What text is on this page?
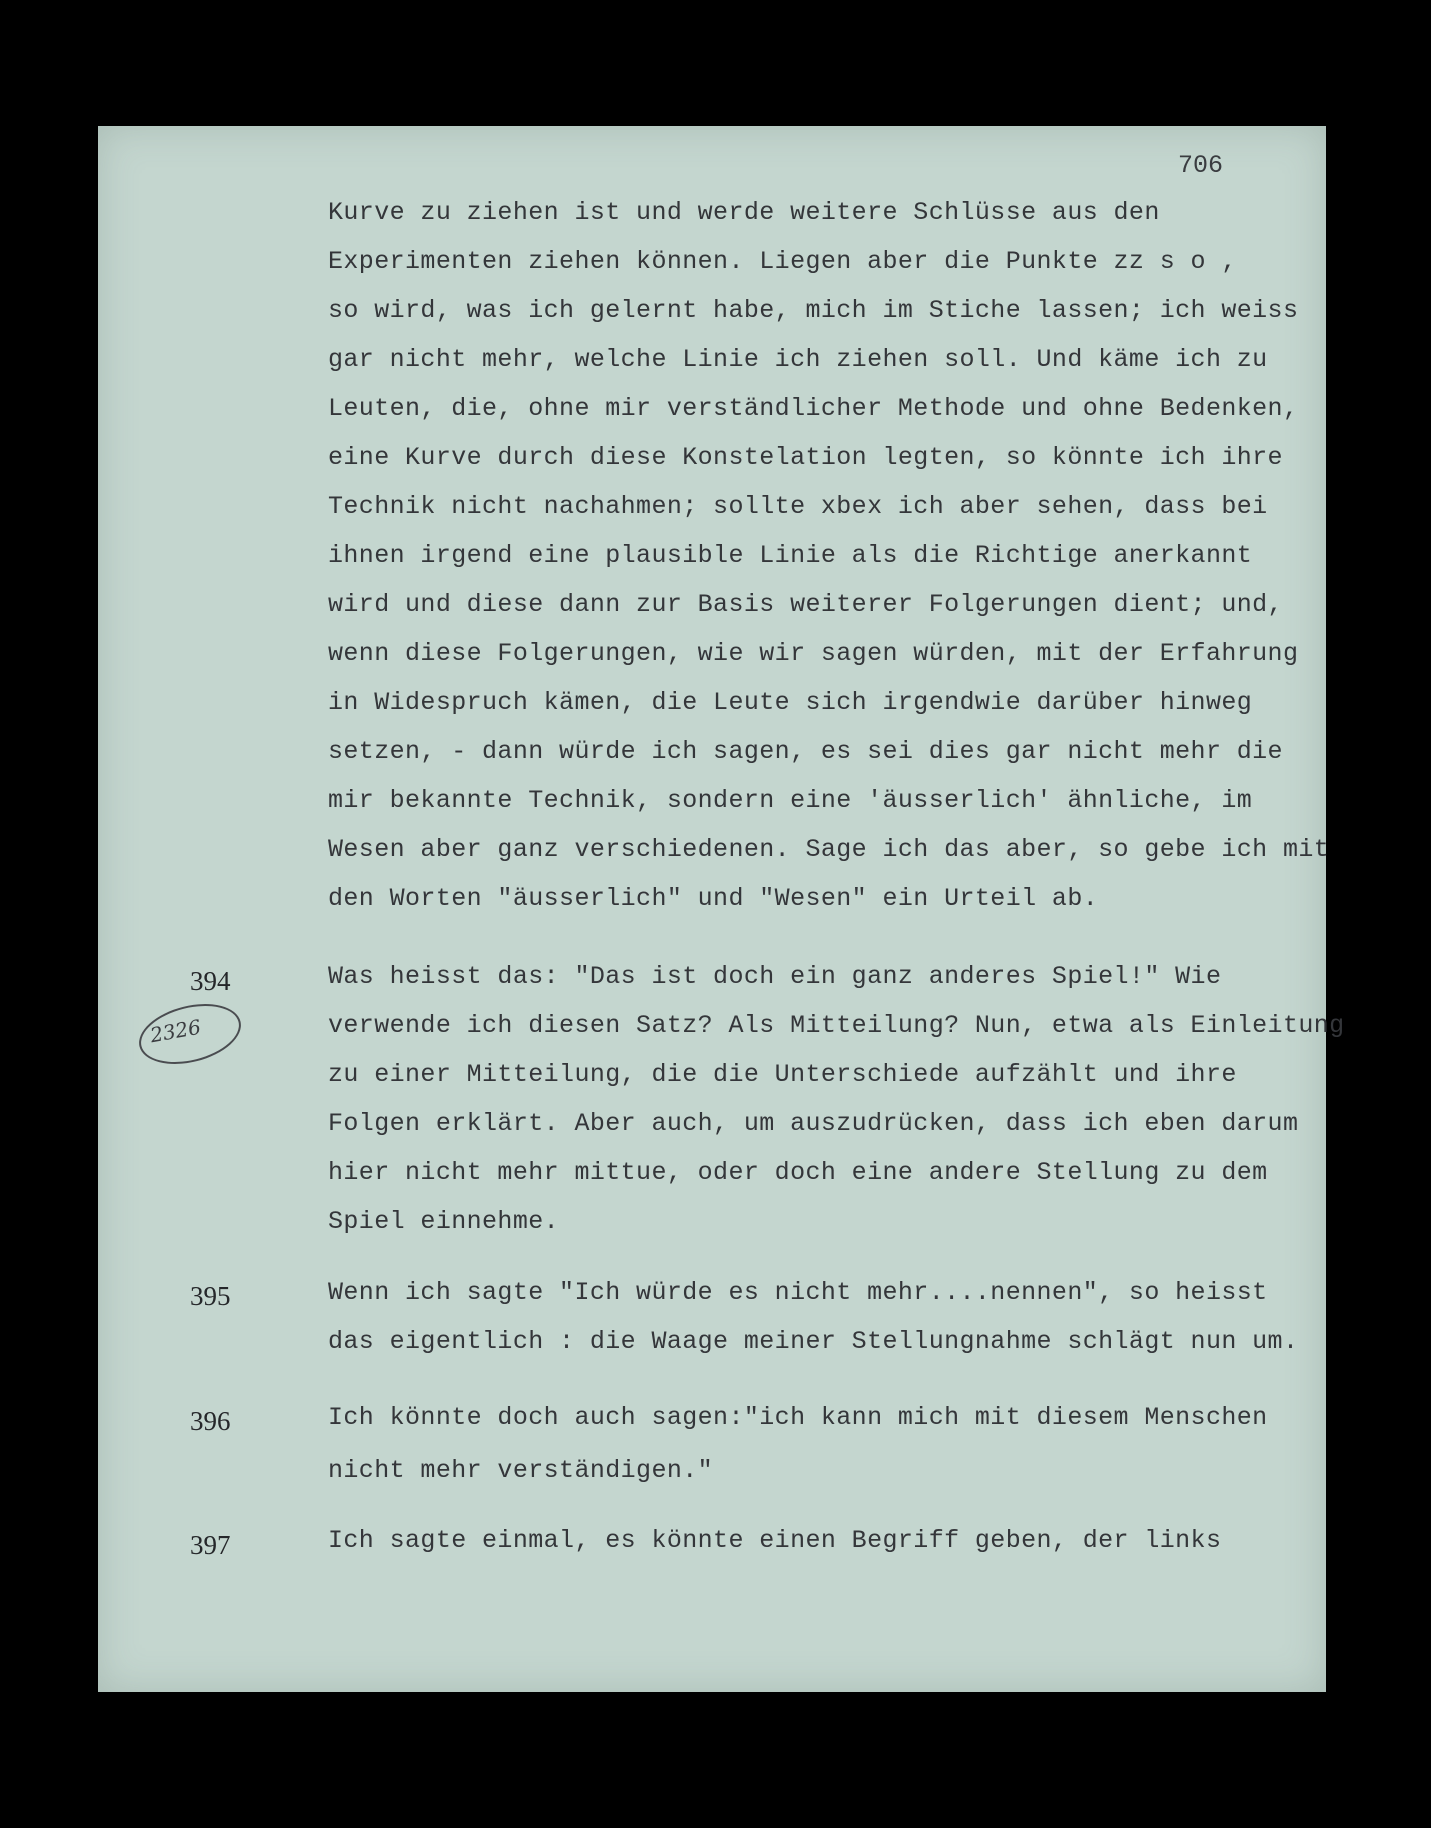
706
Kurve zu ziehen ist und werde weitere Schlüsse aus den
Experimenten ziehen können. Liegen aber die Punkte zz s o ,
so wird, was ich gelernt habe, mich im Stiche lassen; ich weiss
gar nicht mehr, welche Linie ich ziehen soll. Und käme ich zu
Leuten, die, ohne mir verständlicher Methode und ohne Bedenken,
eine Kurve durch diese Konstelation legten, so könnte ich ihre
Technik nicht nachahmen; sollte xbex ich aber sehen, dass bei
ihnen irgend eine plausible Linie als die Richtige anerkannt
wird und diese dann zur Basis weiterer Folgerungen dient; und,
wenn diese Folgerungen, wie wir sagen würden, mit der Erfahrung
in Widespruch kämen, die Leute sich irgendwie darüber hinweg
setzen, - dann würde ich sagen, es sei dies gar nicht mehr die
mir bekannte Technik, sondern eine 'äusserlich' ähnliche, im
Wesen aber ganz verschiedenen. Sage ich das aber, so gebe ich mit
den Worten "äusserlich" und "Wesen" ein Urteil ab.
394
2326
Was heisst das: "Das ist doch ein ganz anderes Spiel!" Wie
verwende ich diesen Satz? Als Mitteilung? Nun, etwa als Einleitung
zu einer Mitteilung, die die Unterschiede aufzählt und ihre
Folgen erklärt. Aber auch, um auszudrücken, dass ich eben darum
hier nicht mehr mittue, oder doch eine andere Stellung zu dem
Spiel einnehme.
395	Wenn ich sagte "Ich würde es nicht mehr....nennen", so heisst
das eigentlich : die Waage meiner Stellungnahme schlägt nun um.
396	Ich könnte doch auch sagen:"ich kann mich mit diesem Menschen
nicht mehr verständigen."
397	Ich sagte einmal, es könnte einen Begriff geben, der links
